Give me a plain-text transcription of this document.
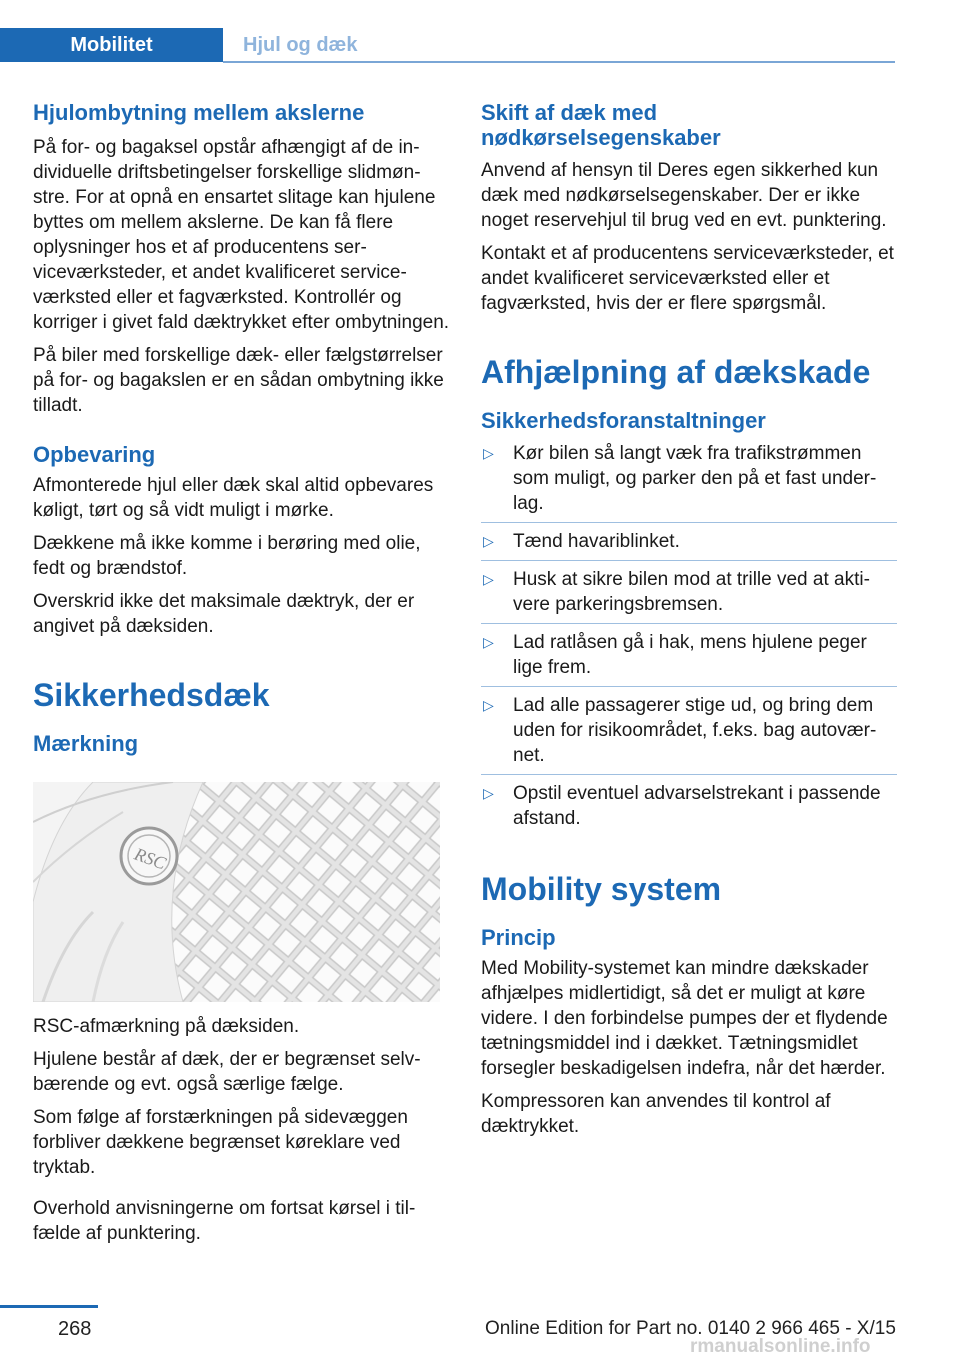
Mobilitet	Hjul og dæk
Hjulombytning mellem akslerne

På for- og bagaksel opstår afhængigt af de individuelle driftsbetingelser forskellige slidmønstre. For at opnå en ensartet slitage kan hjulene byttes om mellem akslerne. De kan få flere oplysninger hos et af producentens serviceværksteder, et andet kvalificeret serviceværksted eller et fagværksted. Kontrollér og korriger i givet fald dæktrykket efter ombytningen.

På biler med forskellige dæk- eller fælgstørrelser på for- og bagakslen er en sådan ombytning ikke tilladt.

Opbevaring

Afmonterede hjul eller dæk skal altid opbevares køligt, tørt og så vidt muligt i mørke.

Dækkene må ikke komme i berøring med olie, fedt og brændstof.

Overskrid ikke det maksimale dæktryk, der er angivet på dæksiden.

Sikkerhedsdæk
Mærkning
RSC

RSC-afmærkning på dæksiden.

Hjulene består af dæk, der er begrænset selvbærende og evt. også særlige fælge.

Som følge af forstærkningen på sidevæggen forbliver dækkene begrænset køreklare ved tryktab.

Overhold anvisningerne om fortsat kørsel i tilfælde af punktering.

Skift af dæk med nødkørselsegenskaber

Anvend af hensyn til Deres egen sikkerhed kun dæk med nødkørselsegenskaber. Der er ikke noget reservehjul til brug ved en evt. punktering.

Kontakt et af producentens serviceværksteder, et andet kvalificeret serviceværksted eller et fagværksted, hvis der er flere spørgsmål.

Afhjælpning af dækskade
Sikkerhedsforanstaltninger
▷ Kør bilen så langt væk fra trafikstrømmen som muligt, og parker den på et fast underlag.
▷ Tænd havariblinket.
▷ Husk at sikre bilen mod at trille ved at aktivere parkeringsbremsen.
▷ Lad ratlåsen gå i hak, mens hjulene peger lige frem.
▷ Lad alle passagerer stige ud, og bring dem uden for risikoområdet, f.eks. bag autoværnet.
▷ Opstil eventuel advarselstrekant i passende afstand.
Mobility system
Princip

Med Mobility-systemet kan mindre dækskader afhjælpes midlertidigt, så det er muligt at køre videre. I den forbindelse pumpes der et flydende tætningsmiddel ind i dækket. Tætningsmidlet forsegler beskadigelsen indefra, når det hærder.

Kompressoren kan anvendes til kontrol af dæktrykket.

268	Online Edition for Part no. 0140 2 966 465 - X/15
rmanualsonline.info
